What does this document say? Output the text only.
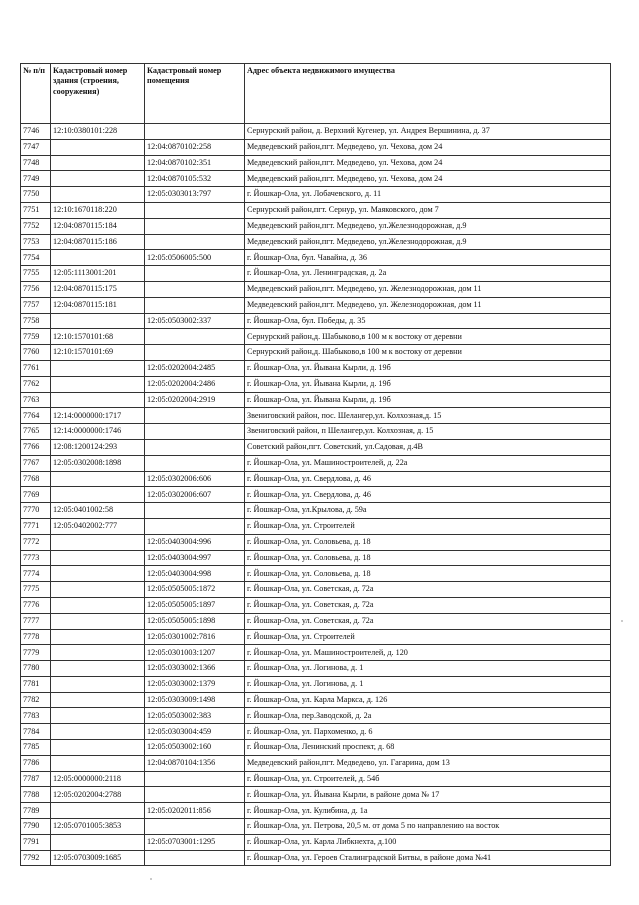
№ п/п	Кадастровый номер здания (строения, сооружения)	Кадастровый номер помещения	Адрес объекта недвижимого имущества
7746	12:10:0380101:228		Сернурский район, д. Верхний Кугенер, ул. Андрея Вершинина, д. 37
7747		12:04:0870102:258	Медведевский район,пгт. Медведево, ул. Чехова, дом 24
7748		12:04:0870102:351	Медведевский район,пгт. Медведево, ул. Чехова, дом 24
7749		12:04:0870105:532	Медведевский район,пгт. Медведево, ул. Чехова, дом 24
7750		12:05:0303013:797	г. Йошкар-Ола, ул. Лобачевского, д. 11
7751	12:10:1670118:220		Сернурский район,пгт. Сернур, ул. Маяковского, дом 7
7752	12:04:0870115:184		Медведевский район,пгт. Медведево, ул.Железнодорожная, д.9
7753	12:04:0870115:186		Медведевский район,пгт. Медведево, ул.Железнодорожная, д.9
7754		12:05:0506005:500	г. Йошкар-Ола, бул. Чавайна, д. 36
7755	12:05:1113001:201		г. Йошкар-Ола, ул. Ленинградская, д. 2а
7756	12:04:0870115:175		Медведевский район,пгт. Медведево, ул. Железнодорожная, дом 11
7757	12:04:0870115:181		Медведевский район,пгт. Медведево, ул. Железнодорожная, дом 11
7758		12:05:0503002:337	г. Йошкар-Ола, бул. Победы, д. 35
7759	12:10:1570101:68		Сернурский район,д. Шабыково,в 100 м к востоку от деревни
7760	12:10:1570101:69		Сернурский район,д. Шабыково,в 100 м к востоку от деревни
7761		12:05:0202004:2485	г. Йошкар-Ола, ул. Йывана Кырли, д. 19б
7762		12:05:0202004:2486	г. Йошкар-Ола, ул. Йывана Кырли, д. 19б
7763		12:05:0202004:2919	г. Йошкар-Ола, ул. Йывана Кырли, д. 19б
7764	12:14:0000000:1717		Звениговский район, пос. Шелангер,ул. Колхозная,д. 15
7765	12:14:0000000:1746		Звениговский район, п Шелангер,ул. Колхозная, д. 15
7766	12:08:1200124:293		Советский район,пгт. Советский, ул.Садовая, д.4В
7767	12:05:0302008:1898		г. Йошкар-Ола, ул. Машиностроителей, д. 22а
7768		12:05:0302006:606	г. Йошкар-Ола, ул. Свердлова, д. 46
7769		12:05:0302006:607	г. Йошкар-Ола, ул. Свердлова, д. 46
7770	12:05:0401002:58		г. Йошкар-Ола, ул.Крылова, д. 59а
7771	12:05:0402002:777		г. Йошкар-Ола, ул. Строителей
7772		12:05:0403004:996	г. Йошкар-Ола, ул. Соловьева, д. 18
7773		12:05:0403004:997	г. Йошкар-Ола, ул. Соловьева, д. 18
7774		12:05:0403004:998	г. Йошкар-Ола, ул. Соловьева, д. 18
7775		12:05:0505005:1872	г. Йошкар-Ола, ул. Советская, д. 72а
7776		12:05:0505005:1897	г. Йошкар-Ола, ул. Советская, д. 72а
7777		12:05:0505005:1898	г. Йошкар-Ола, ул. Советская, д. 72а
7778		12:05:0301002:7816	г. Йошкар-Ола, ул. Строителей
7779		12:05:0301003:1207	г. Йошкар-Ола, ул. Машиностроителей, д. 120
7780		12:05:0303002:1366	г. Йошкар-Ола, ул. Логинова, д. 1
7781		12:05:0303002:1379	г. Йошкар-Ола, ул. Логинова, д. 1
7782		12:05:0303009:1498	г. Йошкар-Ола, ул. Карла Маркса, д. 126
7783		12:05:0503002:383	г. Йошкар-Ола, пер.Заводской, д. 2а
7784		12:05:0303004:459	г. Йошкар-Ола, ул. Пархоменко, д. 6
7785		12:05:0503002:160	г. Йошкар-Ола, Ленинский проспект, д. 68
7786		12:04:0870104:1356	Медведевский район,пгт. Медведево, ул. Гагарина, дом 13
7787	12:05:0000000:2118		г. Йошкар-Ола, ул. Строителей, д. 54б
7788	12:05:0202004:2788		г. Йошкар-Ола, ул. Йывана Кырли, в районе дома № 17
7789		12:05:0202011:856	г. Йошкар-Ола, ул. Кулибина, д. 1а
7790	12:05:0701005:3853		г. Йошкар-Ола, ул. Петрова, 20,5 м. от дома 5 по направлению на восток
7791		12:05:0703001:1295	г. Йошкар-Ола, ул. Карла Либкнехта, д.100
7792	12:05:0703009:1685		г. Йошкар-Ола, ул. Героев Сталинградской Битвы, в районе дома №41
